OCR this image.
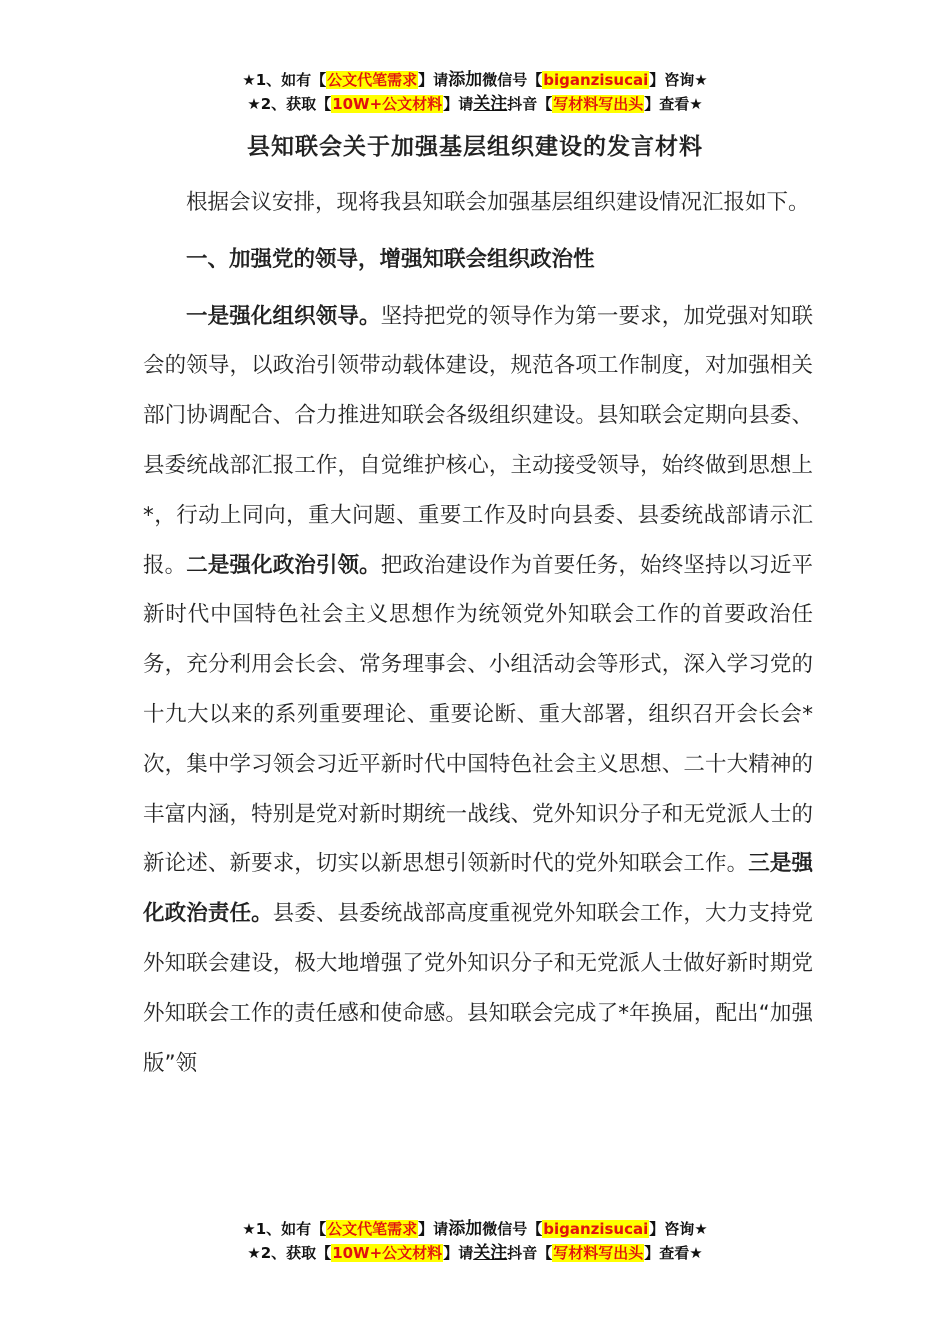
★1、如有【公文代笔需求】请添加微信号【biganzisucai】咨询★
★2、获取【10W+公文材料】请关注抖音【写材料写出头】查看★
县知联会关于加强基层组织建设的发言材料

根据会议安排，现将我县知联会加强基层组织建设情况汇报如下。

一、加强党的领导，增强知联会组织政治性

一是强化组织领导。坚持把党的领导作为第一要求，加党强对知联会的领导，以政治引领带动载体建设，规范各项工作制度，对加强相关部门协调配合、合力推进知联会各级组织建设。县知联会定期向县委、县委统战部汇报工作，自觉维护核心，主动接受领导，始终做到思想上*，行动上同向，重大问题、重要工作及时向县委、县委统战部请示汇报。二是强化政治引领。把政治建设作为首要任务，始终坚持以习近平新时代中国特色社会主义思想作为统领党外知联会工作的首要政治任务，充分利用会长会、常务理事会、小组活动会等形式，深入学习党的十九大以来的系列重要理论、重要论断、重大部署，组织召开会长会*次，集中学习领会习近平新时代中国特色社会主义思想、二十大精神的丰富内涵，特别是党对新时期统一战线、党外知识分子和无党派人士的新论述、新要求，切实以新思想引领新时代的党外知联会工作。三是强化政治责任。县委、县委统战部高度重视党外知联会工作，大力支持党外知联会建设，极大地增强了党外知识分子和无党派人士做好新时期党外知联会工作的责任感和使命感。县知联会完成了*年换届，配出“加强版”领

★1、如有【公文代笔需求】请添加微信号【biganzisucai】咨询★
★2、获取【10W+公文材料】请关注抖音【写材料写出头】查看★
